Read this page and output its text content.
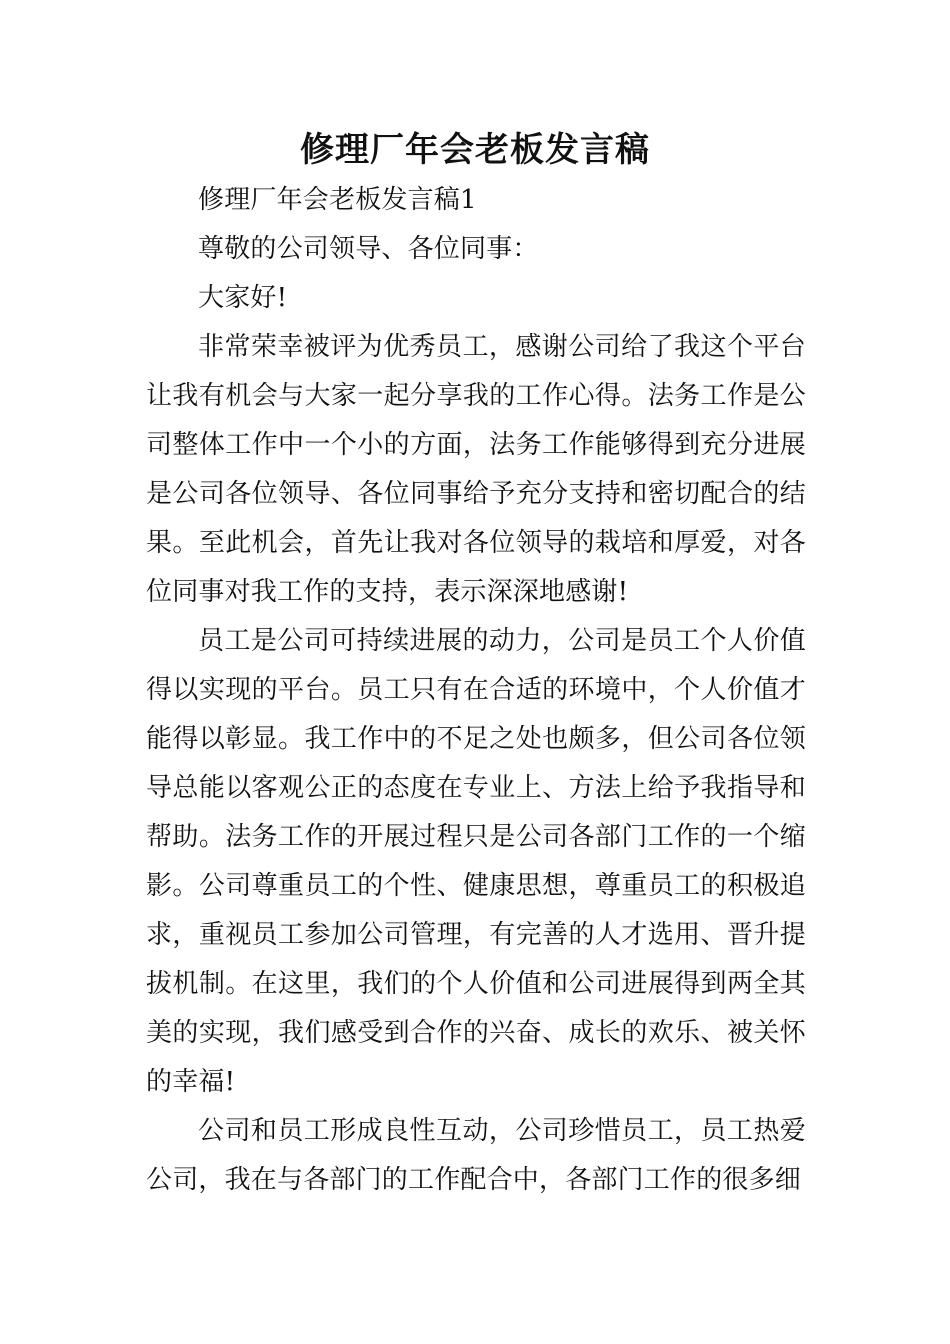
修理厂年会老板发言稿

修理厂年会老板发言稿1

尊敬的公司领导、各位同事：

大家好!

非常荣幸被评为优秀员工，感谢公司给了我这个平台让我有机会与大家一起分享我的工作心得。法务工作是公司整体工作中一个小的方面，法务工作能够得到充分进展是公司各位领导、各位同事给予充分支持和密切配合的结果。至此机会，首先让我对各位领导的栽培和厚爱，对各位同事对我工作的支持，表示深深地感谢!

员工是公司可持续进展的动力，公司是员工个人价值得以实现的平台。员工只有在合适的环境中，个人价值才能得以彰显。我工作中的不足之处也颇多，但公司各位领导总能以客观公正的态度在专业上、方法上给予我指导和帮助。法务工作的开展过程只是公司各部门工作的一个缩影。公司尊重员工的个性、健康思想，尊重员工的积极追求，重视员工参加公司管理，有完善的人才选用、晋升提拔机制。在这里，我们的个人价值和公司进展得到两全其美的实现，我们感受到合作的兴奋、成长的欢乐、被关怀的幸福!

公司和员工形成良性互动，公司珍惜员工，员工热爱公司，我在与各部门的工作配合中，各部门工作的很多细
